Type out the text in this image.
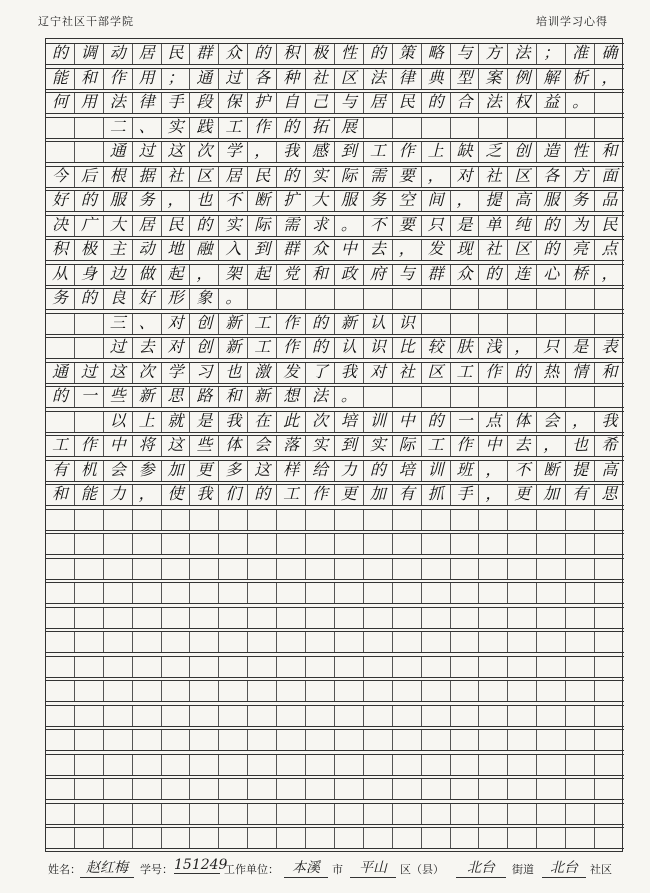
辽宁社区干部学院	培训学习心得
的 调 动 居 民 群 众 的 积 极 性 的 策 略 与 方 法 ； 准 确
能 和 作 用 ； 通 过 各 种 社 区 法 律 典 型 案 例 解 析 ，
何 用 法 律 手 段 保 护 自 己 与 居 民 的 合 法 权 益 。
二 、 实 践 工 作 的 拓 展
通 过 这 次 学 ， 我 感 到 工 作 上 缺 乏 创 造 性 和
今 后 根 据 社 区 居 民 的 实 际 需 要 ， 对 社 区 各 方 面
好 的 服 务 ， 也 不 断 扩 大 服 务 空 间 ， 提 高 服 务 品
决 广 大 居 民 的 实 际 需 求 。 不 要 只 是 单 纯 的 为 民
积 极 主 动 地 融 入 到 群 众 中 去 ， 发 现 社 区 的 亮 点
从 身 边 做 起 ， 架 起 党 和 政 府 与 群 众 的 连 心 桥 ，
务 的 良 好 形 象 。
三 、 对 创 新 工 作 的 新 认 识
过 去 对 创 新 工 作 的 认 识 比 较 肤 浅 ， 只 是 表
通 过 这 次 学 习 也 激 发 了 我 对 社 区 工 作 的 热 情 和
的 一 些 新 思 路 和 新 想 法 。
以 上 就 是 我 在 此 次 培 训 中 的 一 点 体 会 ， 我
工 作 中 将 这 些 体 会 落 实 到 实 际 工 作 中 去 ， 也 希
有 机 会 参 加 更 多 这 样 给 力 的 培 训 班 ， 不 断 提 高
和 能 力 ， 使 我 们 的 工 作 更 加 有 抓 手 ， 更 加 有 思
姓名： 赵红梅	学号： 151249
工作单位： 本溪	市	平山	区（县）	北台	街道	北台	社区
